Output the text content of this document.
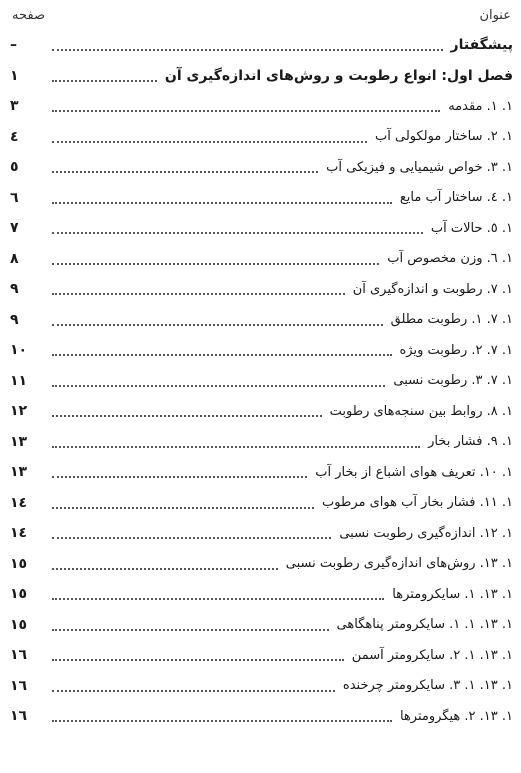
عنوان
صفحه
پیشگفتار
–
فصل اول: انواع رطوبت و روش‌های اندازه‌گیری آن
۱
۱. ۱. مقدمه
۳
۱. ۲. ساختار مولکولی آب
٤
۱. ۳. خواص شیمیایی و فیزیکی آب
٥
۱. ٤. ساختار آب مایع
٦
۱. ٥. حالات آب
۷
۱. ٦. وزن مخصوص آب
۸
۱. ۷. رطوبت و اندازه‌گیری آن
۹
۱. ۷. ۱. رطوبت مطلق
۹
۱. ۷. ۲. رطوبت ویژه
۱۰
۱. ۷. ۳. رطوبت نسبی
۱۱
۱. ۸. روابط بین سنجه‌های رطوبت
۱۲
۱. ۹. فشار بخار
۱۳
۱. ۱۰. تعریف هوای اشباع از بخار آب
۱۳
۱. ۱۱. فشار بخار آب هوای مرطوب
۱٤
۱. ۱۲. اندازه‌گیری رطوبت نسبی
۱٤
۱. ۱۳. روش‌های اندازه‌گیری رطوبت نسبی
۱٥
۱. ۱۳. ۱. سایکرومترها
۱٥
۱. ۱۳. ۱. ۱. سایکرومتر پناهگاهی
۱٥
۱. ۱۳. ۱. ۲. سایکرومتر آسمن
۱٦
۱. ۱۳. ۱. ۳. سایکرومتر چرخنده
۱٦
۱. ۱۳. ۲. هیگرومترها
۱٦
